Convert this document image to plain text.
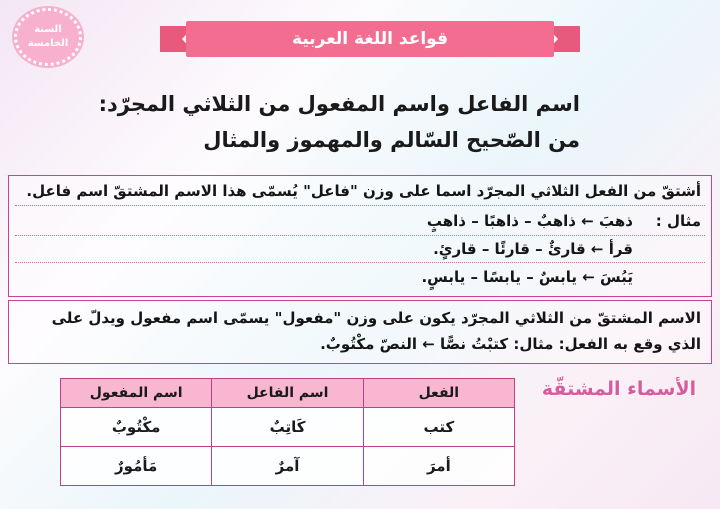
السنة
الخامسة	قواعد اللغة العربية
اسم الفاعل واسم المفعول من الثلاثي المجرّد:
من الصّحيح السّالم والمهموز والمثال
أشتقّ من الفعل الثلاثي المجرّد اسما على وزن "فاعل" يُسمّى هذا الاسم المشتقّ اسم فاعل.
مثال :
ذهبَ ← ذاهبٌ – ذاهبًا – ذاهبٍ
قرأ ← قارئٌ – قارئًا – قارئٍ.
يَبُسَ ← يابسٌ – يابسًا – يابسٍ.
الاسم المشتقّ من الثلاثي المجرّد يكون على وزن "مفعول" يسمّى اسم مفعول ويدلّ على
الذي وقع به الفعل: مثال: كتبْتُ نصًّا ← النصّ مكْتُوبٌ.
الأسماء المشتقّة
الفعل	اسم الفاعل	اسم المفعول
كتب	كَاتِبٌ	مكْتُوبٌ
أمرَ	آمرٌ	مَأمُورٌ
